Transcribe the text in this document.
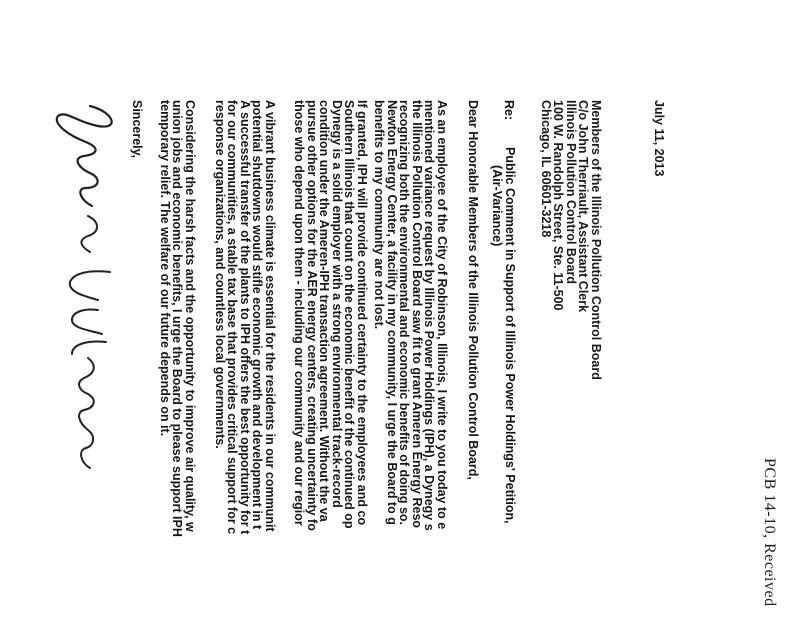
PCB 14-10, Received
July 11, 2013
Members of the Illinois Pollution Control Board
C/o John Therriault, Assistant Clerk
Illinois Pollution Control Board
100 W. Randolph Street, Ste. 11-500
Chicago, IL 60601-3218
Re:
Public Comment in Support of Illinois Power Holdings' Petition,
(Air-Variance)
Dear Honorable Members of the Illinois Pollution Control Board,
As an employee of the City of Robinson, Illinois, I write to you today to e
mentioned variance request by Illinois Power Holdings (IPH), a Dynegy s
the Illinois Pollution Control Board saw fit to grant Ameren Energy Reso
recognizing both the environmental and economic benefits of doing so.
Newton Energy Center, a facility in my community, I urge the Board to g
benefits to my community are not lost.
If granted, IPH will provide continued certainty to the employees and co
Southern Illinois that count on the economic benefit of the continued op
Dynegy is a solid employer with a strong environmental track-record
condition under the Ameren-IPH transaction agreement. Without the va
pursue other options for the AER energy centers, creating uncertainty fo
those who depend upon them - including our community and our regior
A vibrant business climate is essential for the residents in our communit
potential shutdowns would stifle economic growth and development in t
A successful transfer of the plants to IPH offers the best opportunity for t
for our communities, a stable tax base that provides critical support for c
response organizations, and countless local governments.
Considering the harsh facts and the opportunity to improve air quality, w
union jobs and economic benefits, I urge the Board to please support IPH
temporary relief. The welfare of our future depends on it.
Sincerely,
